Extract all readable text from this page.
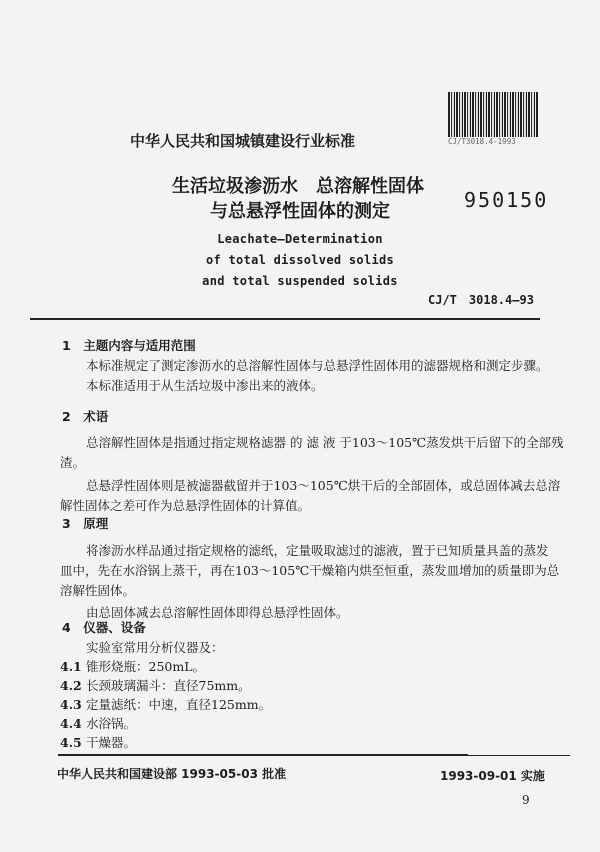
中华人民共和国城镇建设行业标准	CJ/T3018.4-1993
生活垃圾渗沥水　总溶解性固体
与总悬浮性固体的测定	950150
Leachate—Determination
of total dissolved solids
and total suspended solids
CJ/T　3018.4—93
1　主题内容与适用范围
本标准规定了测定渗沥水的总溶解性固体与总悬浮性固体用的滤器规格和测定步骤。
本标准适用于从生活垃圾中渗出来的液体。
2　术语
总溶解性固体是指通过指定规格滤器 的 滤 液 于103～105℃蒸发烘干后留下的全部残
渣。
总悬浮性固体则是被滤器截留并于103～105℃烘干后的全部固体，或总固体减去总溶
解性固体之差可作为总悬浮性固体的计算值。
3　原理
将渗沥水样品通过指定规格的滤纸，定量吸取滤过的滤液，置于已知质量具盖的蒸发
皿中，先在水浴锅上蒸干，再在103～105℃干燥箱内烘至恒重，蒸发皿增加的质量即为总
溶解性固体。
由总固体减去总溶解性固体即得总悬浮性固体。
4　仪器、设备
实验室常用分析仪器及：
4.1 锥形烧瓶：250mL。
4.2 长颈玻璃漏斗：直径75mm。
4.3 定量滤纸：中速，直径125mm。
4.4 水浴锅。
中华人民共和国建设部 1993-05-03 批准	1993-09-01 实施
9
4.5 干燥器。
